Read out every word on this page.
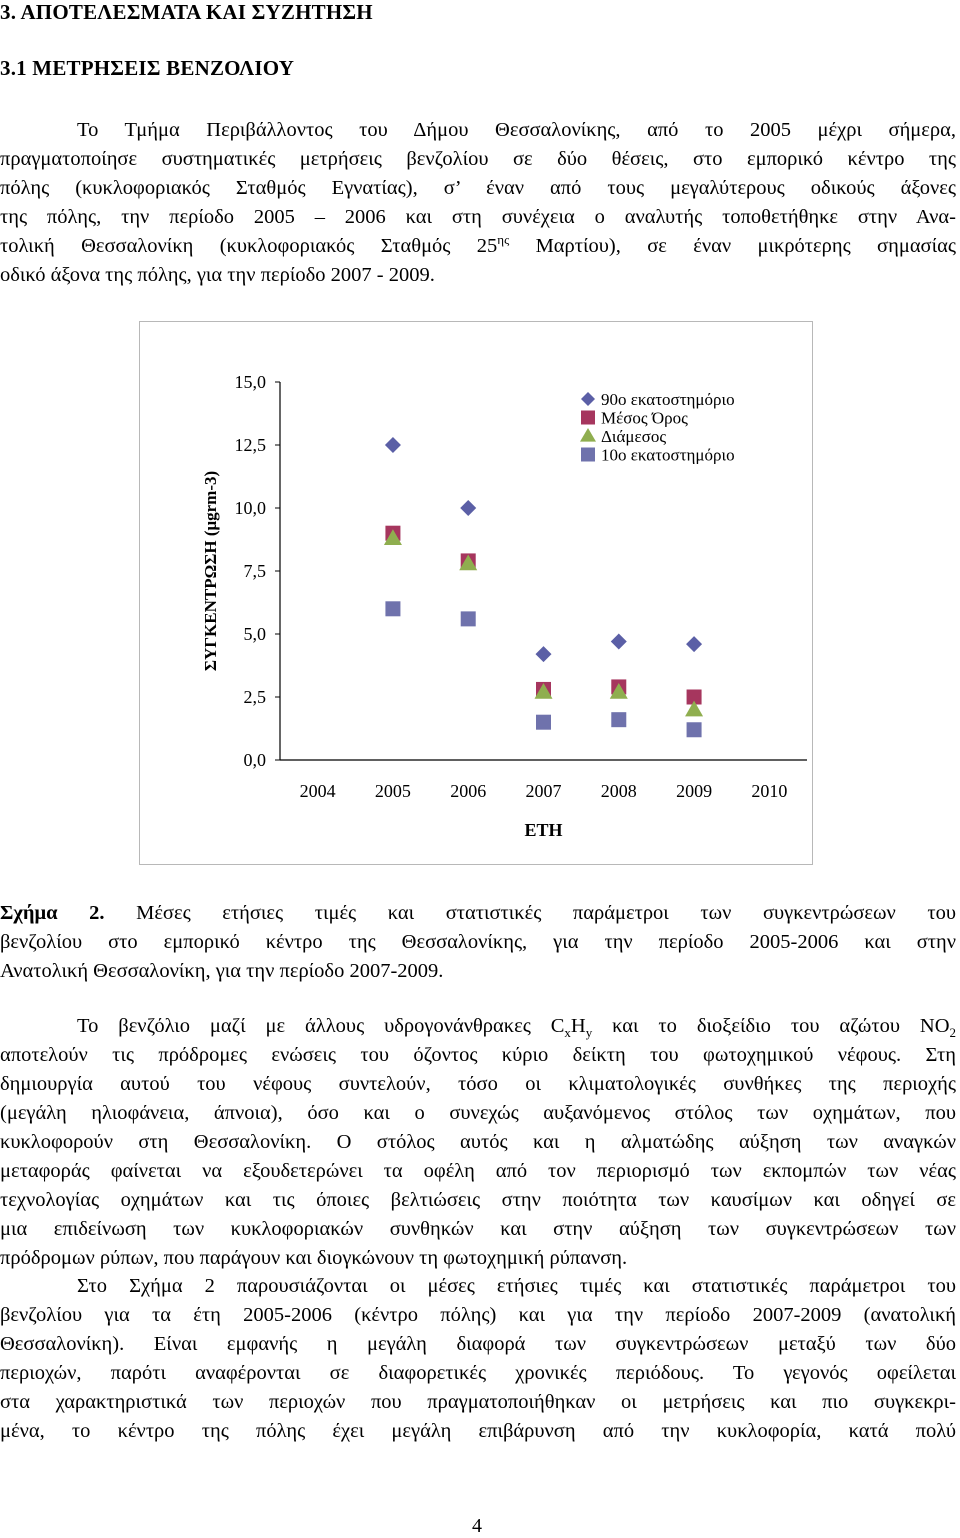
3. ΑΠΟΤΕΛΕΣΜΑΤΑ ΚΑΙ ΣΥΖΗΤΗΣΗ
3.1 ΜΕΤΡΗΣΕΙΣ ΒΕΝΖΟΛΙΟΥ
Το Τμήμα Περιβάλλοντος του Δήμου Θεσσαλονίκης, από το 2005 μέχρι σήμερα,
πραγματοποίησε συστηματικές μετρήσεις βενζολίου σε δύο θέσεις, στο εμπορικό κέντρο της
πόλης (κυκλοφοριακός Σταθμός Εγνατίας), σ’ έναν από τους μεγαλύτερους οδικούς άξονες
της πόλης, την περίοδο 2005 – 2006 και στη συνέχεια ο αναλυτής τοποθετήθηκε στην Ανα-
τολική Θεσσαλονίκη (κυκλοφοριακός Σταθμός $25^{\eta\varsigma}$ Μαρτίου), σε έναν μικρότερης σημασίας
οδικό άξονα της πόλης, για την περίοδο 2007 - 2009.
0,0
2,5
5,0
7,5
10,0
12,5
15,0
2004 2005 2006 2007 2008 2009 2010
ΕΤΗ
ΣΥΓΚΕΝΤΡΩΣΗ (μgrm-3)
90ο εκατοστημόριο
Μέσος Όρος
Διάμεσος
10ο εκατοστημόριο
Σχήμα 2. Μέσες ετήσιες τιμές και στατιστικές παράμετροι των συγκεντρώσεων του
βενζολίου στο εμπορικό κέντρο της Θεσσαλονίκης, για την περίοδο 2005-2006 και στην
Ανατολική Θεσσαλονίκη, για την περίοδο 2007-2009.
Το βενζόλιο μαζί με άλλους υδρογονάνθρακες $C_xH_y$ και το διοξείδιο του αζώτου $NO_2$
αποτελούν τις πρόδρομες ενώσεις του όζοντος κύριο δείκτη του φωτοχημικού νέφους. Στη
δημιουργία αυτού του νέφους συντελούν, τόσο οι κλιματολογικές συνθήκες της περιοχής
(μεγάλη ηλιοφάνεια, άπνοια), όσο και ο συνεχώς αυξανόμενος στόλος των οχημάτων, που
κυκλοφορούν στη Θεσσαλονίκη. Ο στόλος αυτός και η αλματώδης αύξηση των αναγκών
μεταφοράς φαίνεται να εξουδετερώνει τα οφέλη από τον περιορισμό των εκπομπών των νέας
τεχνολογίας οχημάτων και τις όποιες βελτιώσεις στην ποιότητα των καυσίμων και οδηγεί σε
μια επιδείνωση των κυκλοφοριακών συνθηκών και στην αύξηση των συγκεντρώσεων των
πρόδρομων ρύπων, που παράγουν και διογκώνουν τη φωτοχημική ρύπανση.
Στο Σχήμα 2 παρουσιάζονται οι μέσες ετήσιες τιμές και στατιστικές παράμετροι του
βενζολίου για τα έτη 2005-2006 (κέντρο πόλης) και για την περίοδο 2007-2009 (ανατολική
Θεσσαλονίκη). Είναι εμφανής η μεγάλη διαφορά των συγκεντρώσεων μεταξύ των δύο
περιοχών, παρότι αναφέρονται σε διαφορετικές χρονικές περιόδους. Το γεγονός οφείλεται
στα χαρακτηριστικά των περιοχών που πραγματοποιήθηκαν οι μετρήσεις και πιο συγκεκρι-
μένα, το κέντρο της πόλης έχει μεγάλη επιβάρυνση από την κυκλοφορία, κατά πολύ
4
